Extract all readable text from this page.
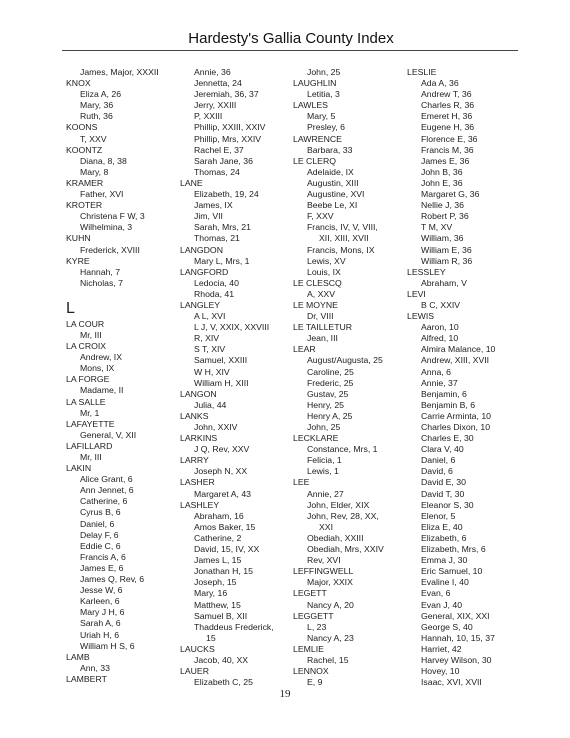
Hardesty's Gallia County Index
James, Major, XXXII
KNOX
Eliza A, 26
Mary, 36
Ruth, 36
KOONS
T, XXV
KOONTZ
Diana, 8, 38
Mary, 8
KRAMER
Father, XVI
KROTER
Christena F W, 3
Wilhelmina, 3
KUHN
Frederick, XVIII
KYRE
Hannah, 7
Nicholas, 7
L
LA COUR
Mr, III
LA CROIX
Andrew, IX
Mons, IX
LA FORGE
Madame, II
LA SALLE
Mr, 1
LAFAYETTE
General, V, XII
LAFILLARD
Mr, III
LAKIN
Alice Grant, 6
Ann Jennet, 6
Catherine, 6
Cyrus B, 6
Daniel, 6
Delay F, 6
Eddie C, 6
Francis A, 6
James E, 6
James Q, Rev, 6
Jesse W, 6
Karleen, 6
Mary J H, 6
Sarah A, 6
Uriah H, 6
William H S, 6
LAMB
Ann, 33
LAMBERT
Annie, 36
Jennetta, 24
Jeremiah, 36, 37
Jerry, XXIII
P, XXIII
Phillip, XXIII, XXIV
Phillip, Mrs, XXIV
Rachel E, 37
Sarah Jane, 36
Thomas, 24
LANE
Elizabeth, 19, 24
James, IX
Jim, VII
Sarah, Mrs, 21
Thomas, 21
LANGDON
Mary L, Mrs, 1
LANGFORD
Ledocia, 40
Rhoda, 41
LANGLEY
A L, XVI
L J, V, XXIX, XXVIII
R, XIV
S T, XIV
Samuel, XXIII
W H, XIV
William H, XIII
LANGON
Julia, 44
LANKS
John, XXIV
LARKINS
J Q, Rev, XXV
LARRY
Joseph N, XX
LASHER
Margaret A, 43
LASHLEY
Abraham, 16
Amos Baker, 15
Catherine, 2
David, 15, IV, XX
James L, 15
Jonathan H, 15
Joseph, 15
Mary, 16
Matthew, 15
Samuel B, XII
Thaddeus Frederick,
15
LAUCKS
Jacob, 40, XX
LAUER
Elizabeth C, 25
John, 25
LAUGHLIN
Letitia, 3
LAWLES
Mary, 5
Presley, 6
LAWRENCE
Barbara, 33
LE CLERQ
Adelaide, IX
Augustin, XIII
Augustine, XVI
Beebe Le, XI
F, XXV
Francis, IV, V, VIII,
XII, XIII, XVII
Francis, Mons, IX
Lewis, XV
Louis, IX
LE CLESCQ
A, XXV
LE MOYNE
Dr, VIII
LE TAILLETUR
Jean, III
LEAR
August/Augusta, 25
Caroline, 25
Frederic, 25
Gustav, 25
Henry, 25
Henry A, 25
John, 25
LECKLARE
Constance, Mrs, 1
Felicia, 1
Lewis, 1
LEE
Annie, 27
John, Elder, XIX
John, Rev, 28, XX,
XXI
Obediah, XXIII
Obediah, Mrs, XXIV
Rev, XVI
LEFFINGWELL
Major, XXIX
LEGETT
Nancy A, 20
LEGGETT
L, 23
Nancy A, 23
LEMLIE
Rachel, 15
LENNOX
E, 9
LESLIE
Ada A, 36
Andrew T, 36
Charles R, 36
Emeret H, 36
Eugene H, 36
Florence E, 36
Francis M, 36
James E, 36
John B, 36
John E, 36
Margaret G, 36
Nellie J, 36
Robert P, 36
T M, XV
William, 36
William E, 36
William R, 36
LESSLEY
Abraham, V
LEVI
B C, XXIV
LEWIS
Aaron, 10
Alfred, 10
Almira Malance, 10
Andrew, XIII, XVII
Anna, 6
Annie, 37
Benjamin, 6
Benjamin B, 6
Carrie Arminta, 10
Charles Dixon, 10
Charles E, 30
Clara V, 40
Daniel, 6
David, 6
David E, 30
David T, 30
Eleanor S, 30
Elenor, 5
Eliza E, 40
Elizabeth, 6
Elizabeth, Mrs, 6
Emma J, 30
Eric Samuel, 10
Evaline I, 40
Evan, 6
Evan J, 40
General, XIX, XXI
George S, 40
Hannah, 10, 15, 37
Harriet, 42
Harvey Wilson, 30
Hovey, 10
Isaac, XVI, XVII
19
